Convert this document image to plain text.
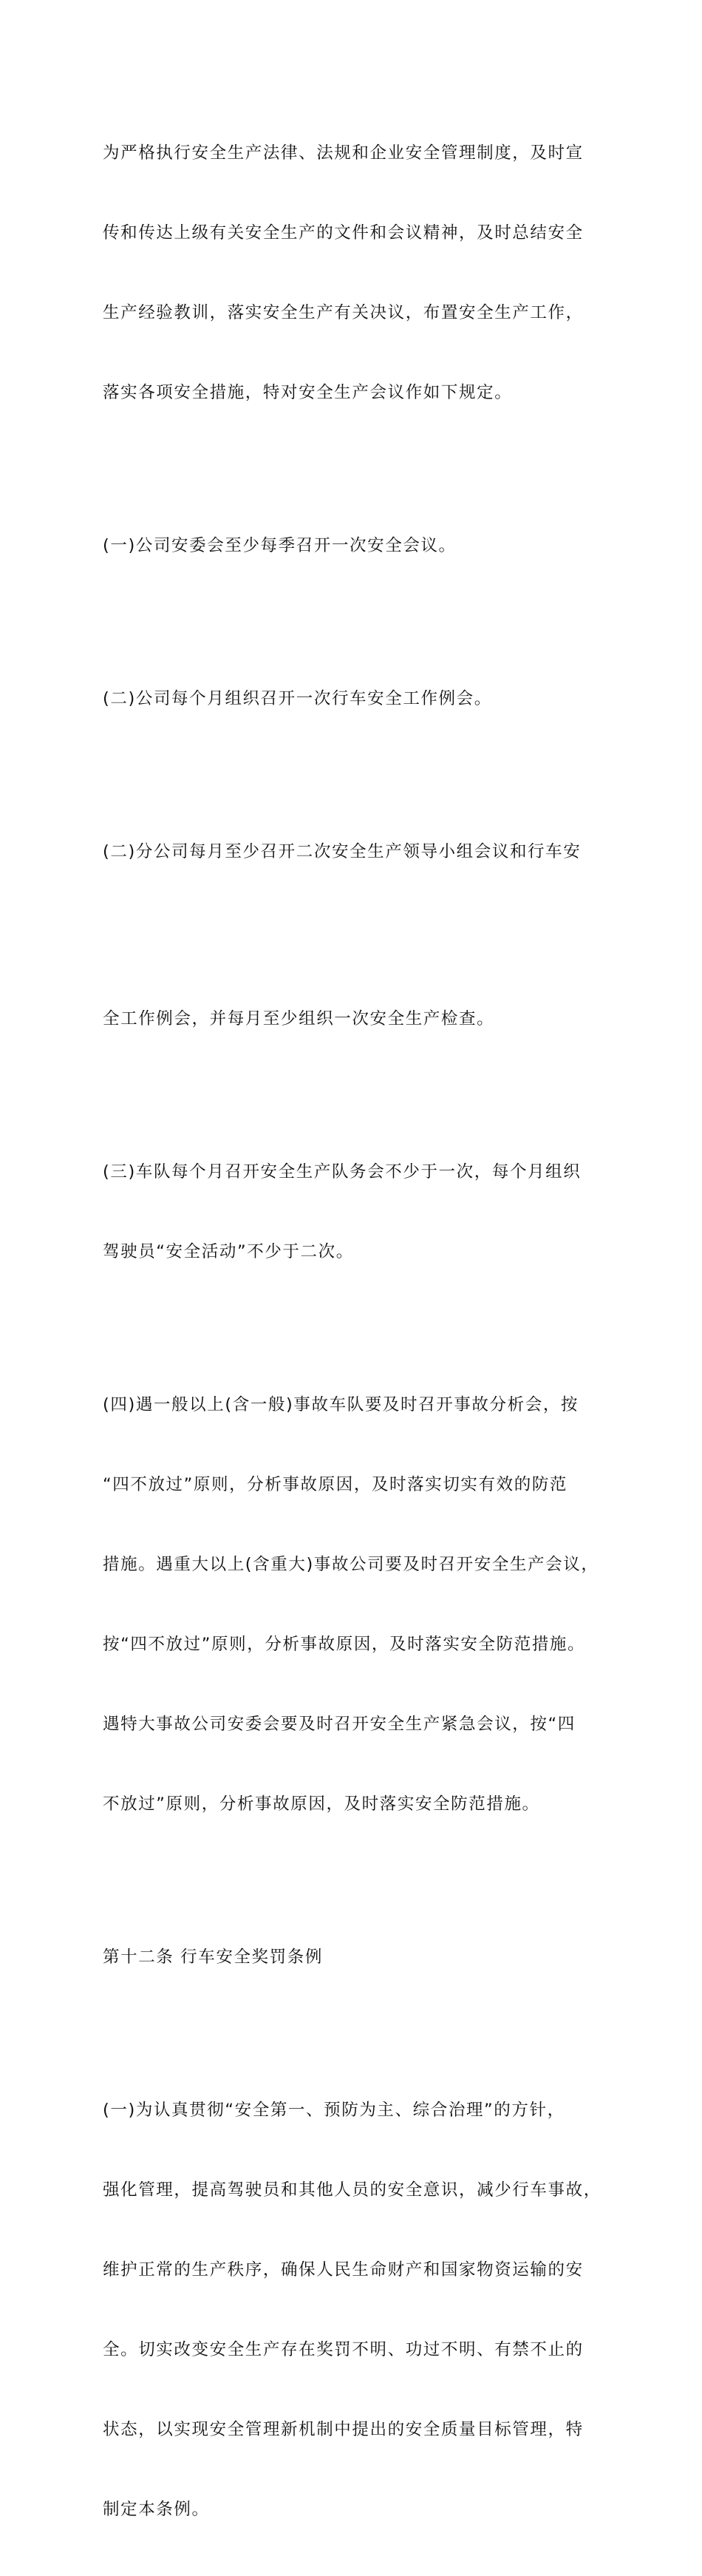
为严格执行安全生产法律、法规和企业安全管理制度，及时宣

传和传达上级有关安全生产的文件和会议精神，及时总结安全

生产经验教训，落实安全生产有关决议，布置安全生产工作，

落实各项安全措施，特对安全生产会议作如下规定。

(一)公司安委会至少每季召开一次安全会议。

(二)公司每个月组织召开一次行车安全工作例会。

(二)分公司每月至少召开二次安全生产领导小组会议和行车安

全工作例会，并每月至少组织一次安全生产检查。

(三)车队每个月召开安全生产队务会不少于一次，每个月组织

驾驶员“安全活动”不少于二次。

(四)遇一般以上(含一般)事故车队要及时召开事故分析会，按

“四不放过”原则，分析事故原因，及时落实切实有效的防范

措施。遇重大以上(含重大)事故公司要及时召开安全生产会议，

按“四不放过”原则，分析事故原因，及时落实安全防范措施。

遇特大事故公司安委会要及时召开安全生产紧急会议，按“四

不放过”原则，分析事故原因，及时落实安全防范措施。

第十二条 行车安全奖罚条例

(一)为认真贯彻“安全第一、预防为主、综合治理”的方针，

强化管理，提高驾驶员和其他人员的安全意识，减少行车事故，

维护正常的生产秩序，确保人民生命财产和国家物资运输的安

全。切实改变安全生产存在奖罚不明、功过不明、有禁不止的

状态，以实现安全管理新机制中提出的安全质量目标管理，特

制定本条例。
